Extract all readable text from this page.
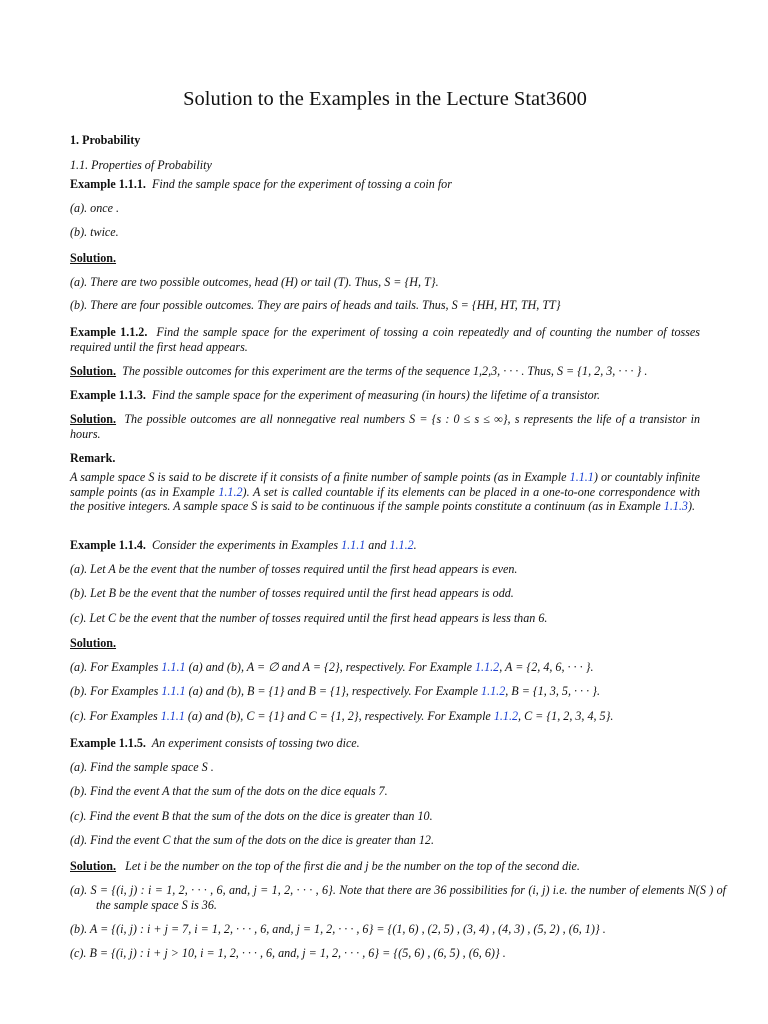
Solution to the Examples in the Lecture Stat3600

1. Probability

1.1. Properties of Probability

Example 1.1.1. Find the sample space for the experiment of tossing a coin for

(a). once .

(b). twice.

Solution.

(a). There are two possible outcomes, head (H) or tail (T). Thus, S = {H, T}.

(b). There are four possible outcomes. They are pairs of heads and tails. Thus, S = {HH, HT, TH, TT}

Example 1.1.2. Find the sample space for the experiment of tossing a coin repeatedly and of counting the number of tosses required until the first head appears.

Solution. The possible outcomes for this experiment are the terms of the sequence 1,2,3, · · · . Thus, S = {1, 2, 3, · · · } .

Example 1.1.3. Find the sample space for the experiment of measuring (in hours) the lifetime of a transistor.

Solution. The possible outcomes are all nonnegative real numbers S = {s : 0 ≤ s ≤ ∞}, s represents the life of a transistor in hours.

Remark.

A sample space S is said to be discrete if it consists of a finite number of sample points (as in Example 1.1.1) or countably infinite sample points (as in Example 1.1.2). A set is called countable if its elements can be placed in a one-to-one correspondence with the positive integers. A sample space S is said to be continuous if the sample points constitute a continuum (as in Example 1.1.3).

Example 1.1.4. Consider the experiments in Examples 1.1.1 and 1.1.2.

(a). Let A be the event that the number of tosses required until the first head appears is even.

(b). Let B be the event that the number of tosses required until the first head appears is odd.

(c). Let C be the event that the number of tosses required until the first head appears is less than 6.

Solution.

(a). For Examples 1.1.1 (a) and (b), A = ∅ and A = {2}, respectively. For Example 1.1.2, A = {2, 4, 6, · · · }.

(b). For Examples 1.1.1 (a) and (b), B = {1} and B = {1}, respectively. For Example 1.1.2, B = {1, 3, 5, · · · }.

(c). For Examples 1.1.1 (a) and (b), C = {1} and C = {1, 2}, respectively. For Example 1.1.2, C = {1, 2, 3, 4, 5}.

Example 1.1.5. An experiment consists of tossing two dice.

(a). Find the sample space S .

(b). Find the event A that the sum of the dots on the dice equals 7.

(c). Find the event B that the sum of the dots on the dice is greater than 10.

(d). Find the event C that the sum of the dots on the dice is greater than 12.

Solution. Let i be the number on the top of the first die and j be the number on the top of the second die.

(a). S = {(i, j) : i = 1, 2, · · · , 6, and, j = 1, 2, · · · , 6}. Note that there are 36 possibilities for (i, j) i.e. the number of elements N(S ) of the sample space S is 36.

(b). A = {(i, j) : i + j = 7, i = 1, 2, · · · , 6, and, j = 1, 2, · · · , 6} = {(1, 6) , (2, 5) , (3, 4) , (4, 3) , (5, 2) , (6, 1)} .

(c). B = {(i, j) : i + j > 10, i = 1, 2, · · · , 6, and, j = 1, 2, · · · , 6} = {(5, 6) , (6, 5) , (6, 6)} .
